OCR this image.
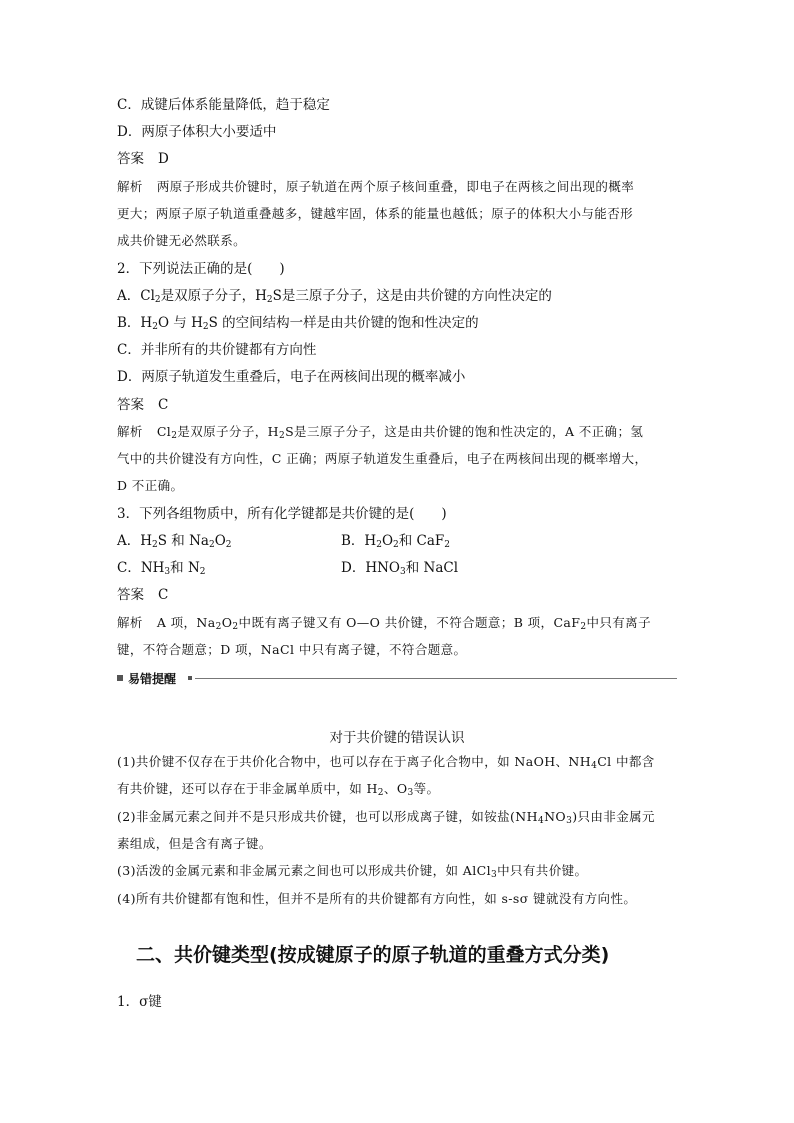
C．成键后体系能量降低，趋于稳定
D．两原子体积大小要适中
答案 D
解析 两原子形成共价键时，原子轨道在两个原子核间重叠，即电子在两核之间出现的概率
更大；两原子原子轨道重叠越多，键越牢固，体系的能量也越低；原子的体积大小与能否形
成共价键无必然联系。
2．下列说法正确的是(　　)
A．$Cl_2$是双原子分子，$H_2S$是三原子分子，这是由共价键的方向性决定的
B．$H_2O$ 与 $H_2S$ 的空间结构一样是由共价键的饱和性决定的
C．并非所有的共价键都有方向性
D．两原子轨道发生重叠后，电子在两核间出现的概率减小
答案 C
解析 $Cl_2$是双原子分子，$H_2S$是三原子分子，这是由共价键的饱和性决定的，A 不正确；氢
气中的共价键没有方向性，C 正确；两原子轨道发生重叠后，电子在两核间出现的概率增大，
D 不正确。
3．下列各组物质中，所有化学键都是共价键的是(　　)
A．$H_2S$ 和 $Na_2O_2$	B．$H_2O_2$和 CaF$_2$
C．$NH_3$和 $N_2$	D．$HNO_3$和 NaCl
答案 C
解析 A 项，$Na_2O_2$中既有离子键又有 O—O 共价键，不符合题意；B 项，CaF$_2$中只有离子
键，不符合题意；D 项，NaCl 中只有离子键，不符合题意。
易错提醒
对于共价键的错误认识
(1)共价键不仅存在于共价化合物中，也可以存在于离子化合物中，如 NaOH、$NH_4Cl$ 中都含
有共价键，还可以存在于非金属单质中，如 $H_2$、$O_3$等。
(2)非金属元素之间并不是只形成共价键，也可以形成离子键，如铵盐$(NH_4NO_3)$只由非金属元
素组成，但是含有离子键。
(3)活泼的金属元素和非金属元素之间也可以形成共价键，如 AlCl$_3$中只有共价键。
(4)所有共价键都有饱和性，但并不是所有的共价键都有方向性，如 s-sσ 键就没有方向性。
二、共价键类型(按成键原子的原子轨道的重叠方式分类)
1．σ键
